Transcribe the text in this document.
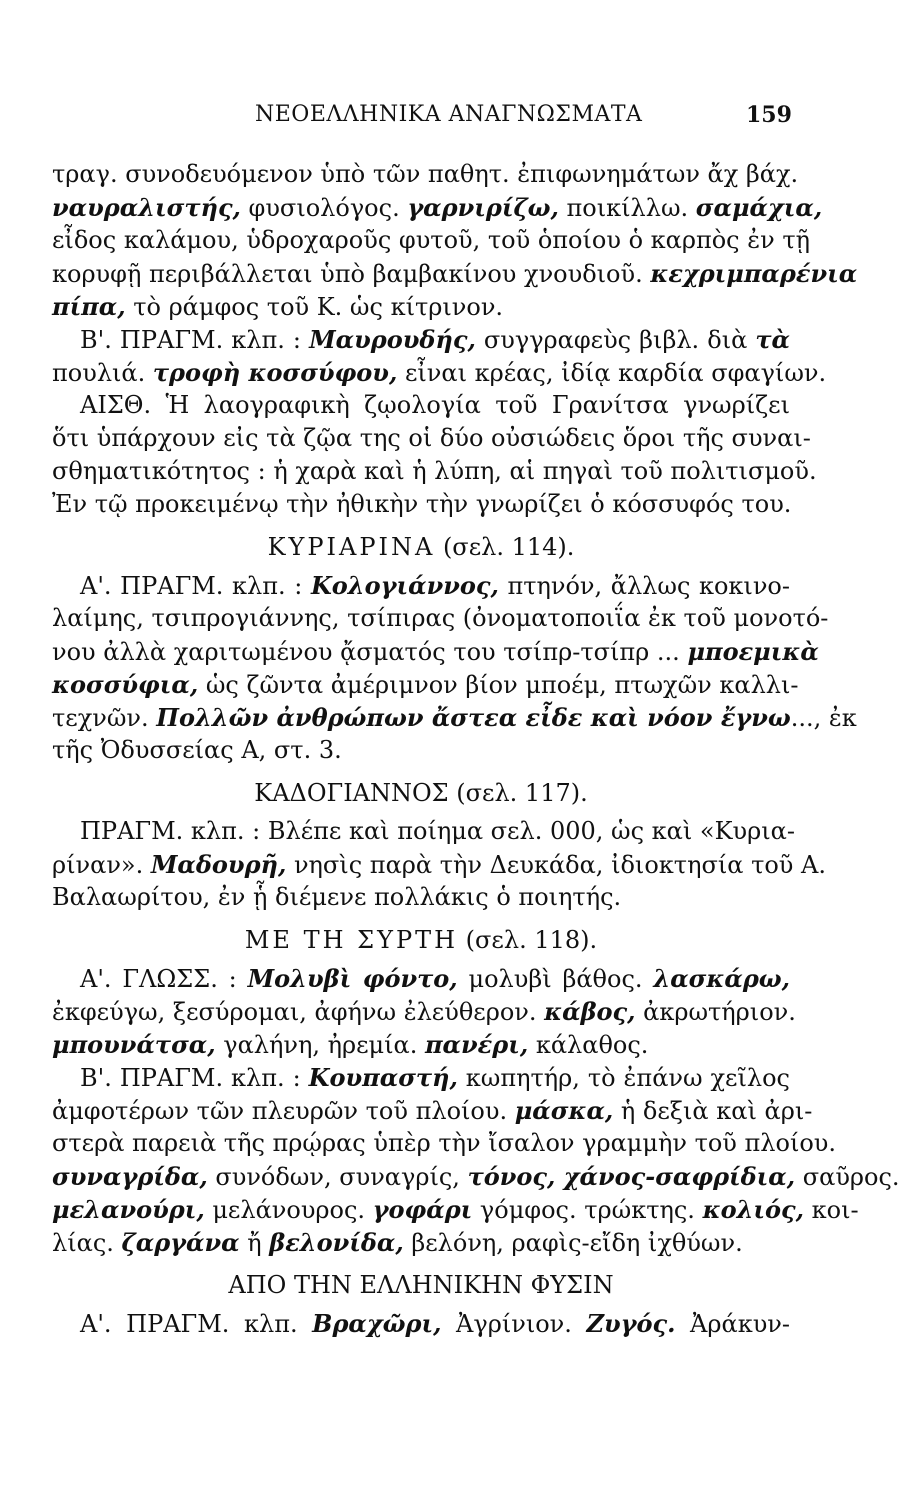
ΝΕΟΕΛΛΗΝΙΚΑ ΑΝΑΓΝΩΣΜΑΤΑ	159
τραγ. συνοδευόμενον ὑπὸ τῶν παθητ. ἐπιφωνημάτων ἄχ βάχ.
ναυραλιστής, φυσιολόγος. γαρνιρίζω, ποικίλλω. σαμάχια,
εἶδος καλάμου, ὑδροχαροῦς φυτοῦ, τοῦ ὁποίου ὁ καρπὸς ἐν τῇ
κορυφῇ περιβάλλεται ὑπὸ βαμβακίνου χνουδιοῦ. κεχριμπαρένια
πίπα, τὸ ράμφος τοῦ Κ. ὡς κίτρινον.
Β'. ΠΡΑΓΜ. κλπ. : Μαυρουδής, συγγραφεὺς βιβλ. διὰ τὰ
πουλιά. τροφὴ κοσσύφου, εἶναι κρέας, ἰδίᾳ καρδία σφαγίων.
ΑΙΣΘ. Ἡ λαογραφικὴ ζῳολογία τοῦ Γρανίτσα γνωρίζει
ὅτι ὑπάρχουν εἰς τὰ ζῷα της οἱ δύο οὐσιώδεις ὅροι τῆς συναι-
σθηματικότητος : ἡ χαρὰ καὶ ἡ λύπη, αἱ πηγαὶ τοῦ πολιτισμοῦ.
Ἐν τῷ προκειμένῳ τὴν ἠθικὴν τὴν γνωρίζει ὁ κόσσυφός του.
ΚΥΡΙΑΡΙΝΑ (σελ. 114).
Α'. ΠΡΑΓΜ. κλπ. : Κολογιάννος, πτηνόν, ἄλλως κοκινο-
λαίμης, τσιπρογιάννης, τσίπιρας (ὀνοματοποιΐα ἐκ τοῦ μονοτό-
νου ἀλλὰ χαριτωμένου ᾄσματός του τσίπρ-τσίπρ ... μποεμικὰ
κοσσύφια, ὡς ζῶντα ἀμέριμνον βίον μποέμ, πτωχῶν καλλι-
τεχνῶν. Πολλῶν ἀνθρώπων ἄστεα εἶδε καὶ νόον ἔγνω..., ἐκ
τῆς Ὀδυσσείας Α, στ. 3.
ΚΑΔΟΓΙΑΝΝΟΣ (σελ. 117).
ΠΡΑΓΜ. κλπ. : Βλέπε καὶ ποίημα σελ. 000, ὡς καὶ «Κυρια-
ρίναν». Μαδουρῆ, νησὶς παρὰ τὴν Δευκάδα, ἰδιοκτησία τοῦ Α.
Βαλαωρίτου, ἐν ᾗ διέμενε πολλάκις ὁ ποιητής.
ΜΕ ΤΗ ΣΥΡΤΗ (σελ. 118).
Α'. ΓΛΩΣΣ. : Μολυβὶ φόντο, μολυβὶ βάθος. λασκάρω,
ἐκφεύγω, ξεσύρομαι, ἀφήνω ἐλεύθερον. κάβος, ἀκρωτήριον.
μπουνάτσα, γαλήνη, ἠρεμία. πανέρι, κάλαθος.
Β'. ΠΡΑΓΜ. κλπ. : Κουπαστή, κωπητήρ, τὸ ἐπάνω χεῖλος
ἀμφοτέρων τῶν πλευρῶν τοῦ πλοίου. μάσκα, ἡ δεξιὰ καὶ ἀρι-
στερὰ παρειὰ τῆς πρῴρας ὑπὲρ τὴν ἴσαλον γραμμὴν τοῦ πλοίου.
συναγρίδα, συνόδων, συναγρίς, τόνος, χάνος-σαφρίδια, σαῦρος.
μελανούρι, μελάνουρος. γοφάρι γόμφος. τρώκτης. κολιός, κοι-
λίας. ζαργάνα ἤ βελονίδα, βελόνη, ραφὶς-εἴδη ἰχθύων.
ΑΠΟ ΤΗΝ ΕΛΛΗΝΙΚΗΝ ΦΥΣΙΝ
Α'. ΠΡΑΓΜ. κλπ. Βραχῶρι, Ἀγρίνιον. Ζυγός. Ἀράκυν-
